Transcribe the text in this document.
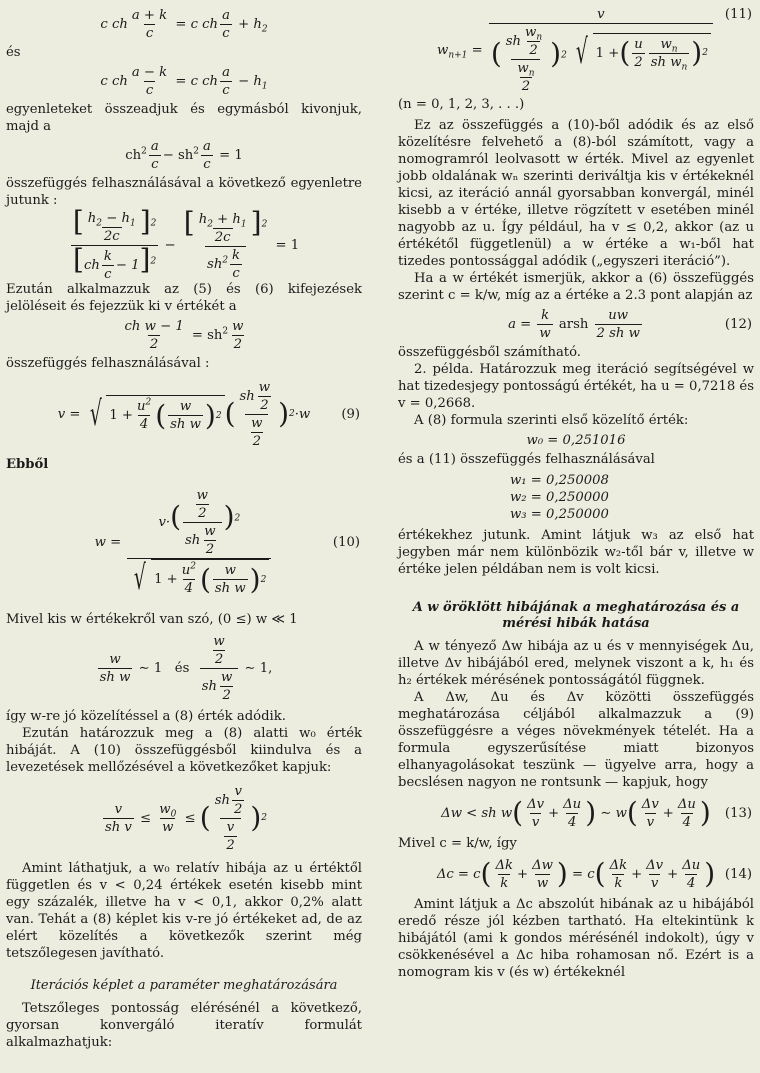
c ch $\frac{a + k}{c} = c$ ch $\frac{a}{c} + h_2$

és

c ch $\frac{a - k}{c} = c$ ch $\frac{a}{c} - h_1$

egyenleteket összeadjuk és egymásból kivonjuk, majd a

$ch^2 \frac{a}{c} - sh^2 \frac{a}{c} = 1$

összefüggés felhasználásával a következő egyenletre jutunk :

$\frac{[ \frac{h_2 - h_1}{2c} ]^2}{[ch \frac{k}{c} - 1]^2} - \frac{[ \frac{h_2 + h_1}{2c} ]^2}{sh^2 \frac{k}{c}} = 1$

Ezután alkalmazzuk az (5) és (6) kifejezések jelöléseit és fejezzük ki v értékét a

$\frac{\text{ch w − 1}}{2} = sh^2 \frac{w}{2}$

összefüggés felhasználásával :

v = √ $1 + \frac{u^2}{4}$ ( $\frac{w}{\text{sh w}}$ ) 2 ( $\frac{sh \frac{w}{2}}{\frac{w}{2}}$ ) 2 ·w (9)

Ebből

$w = \frac{v\cdot( \frac{\frac{w}{2}}{sh \frac{w}{2}} )^2}{√ 1 + \frac{u^2}{4} ( \frac{w}{\text{sh w}} ) 2}$	(10)

Mivel kis w értékekről van szó, (0 ≤) w ≪ 1

$\frac{w}{\text{sh w}}$ ∼ 1   és $\frac{\frac{w}{2}}{sh \frac{w}{2}}$ ∼ 1,

így w-re jó közelítéssel a (8) érték adódik.

Ezután határozzuk meg a (8) alatti w₀ érték hibáját. A (10) összefüggésből kiindulva és a levezetések mellőzésével a következőket kapjuk:

$\frac{v}{\text{sh v}} \le \frac{w_0}{w}$ ≤ ( $\frac{sh \frac{v}{2}}{\frac{v}{2}}$ ) 2

Amint láthatjuk, a w₀ relatív hibája az u értéktől független és v < 0,24 értékek esetén kisebb mint egy százalék, illetve ha v < 0,1, akkor 0,2% alatt van. Tehát a (8) képlet kis v-re jó értékeket ad, de az elért közelítés a következők szerint még tetszőlegesen javítható.

Iterációs képlet a paraméter meghatározására

Tetszőleges pontosság elérésénél a következő, gyorsan konvergáló iteratív formulát alkalmazhatjuk:

$w_{n+1} = \frac{v}{( \frac{sh \frac{w_n}{2}}{\frac{w_n}{2}} )^2 √ 1 + ( \frac{u}{2} \frac{w_n}{sh w_n} ) 2} (11)$

(n = 0, 1, 2, 3, . . .)

Ez az összefüggés a (10)-ből adódik és az első közelítésre felvehető a (8)-ból számított, vagy a nomogramról leolvasott w érték. Mivel az egyenlet jobb oldalának wₙ szerinti deriváltja kis v értékeknél kicsi, az iteráció annál gyorsabban konvergál, minél kisebb a v értéke, illetve rögzített v esetében minél nagyobb az u. Így például, ha v ≤ 0,2, akkor (az u értékétől függetlenül) a w értéke a w₁-ből hat tizedes pontossággal adódik („egyszeri iteráció”).

Ha a w értékét ismerjük, akkor a (6) összefüggés szerint c = k/w, míg az a értéke a 2.3 pont alapján az

$a = \frac{k}{w}$ arsh $\frac{uw}{\text{2 sh w}}$	(12)

összefüggésből számítható.

2. példa. Határozzuk meg iteráció segítségével w hat tizedesjegy pontosságú értékét, ha u = 0,7218 és v = 0,2668.

A (8) formula szerinti első közelítő érték:

w₀ = 0,251016

és a (11) összefüggés felhasználásával

w₁ = 0,250008
w₂ = 0,250000
w₃ = 0,250000

értékekhez jutunk. Amint látjuk w₃ az első hat jegyben már nem különbözik w₂-től bár v, illetve w értéke jelen példában nem is volt kicsi.

A w öröklött hibájának a meghatározása és a mérési hibák hatása

A w tényező Δw hibája az u és v mennyiségek Δu, illetve Δv hibájából ered, melynek viszont a k, h₁ és h₂ értékek mérésének pontosságától függnek.

A Δw, Δu és Δv közötti összefüggés meghatározása céljából alkalmazzuk a (9) összefüggésre a véges növekmények tételét. Ha a formula egyszerűsítése miatt bizonyos elhanyagolásokat teszünk — ügyelve arra, hogy a becslésen nagyon ne rontsunk — kapjuk, hogy

Δw < sh w ( $\frac{\Delta v}{v} + \frac{\Delta u}{4}$ ) ∼ w ( $\frac{\Delta v}{v} + \frac{\Delta u}{4}$ ) (13)

Mivel c = k/w, így

Δc = c ( $\frac{\Delta k}{k} + \frac{\Delta w}{w}$ ) = c ( $\frac{\Delta k}{k} + \frac{\Delta v}{v} + \frac{\Delta u}{4}$ ) (14)

Amint látjuk a Δc abszolút hibának az u hibájából eredő része jól kézben tartható. Ha eltekintünk k hibájától (ami k gondos mérésénél indokolt), úgy v csökkenésével a Δc hiba rohamosan nő. Ezért is a nomogram kis v (és w) értékeknél
